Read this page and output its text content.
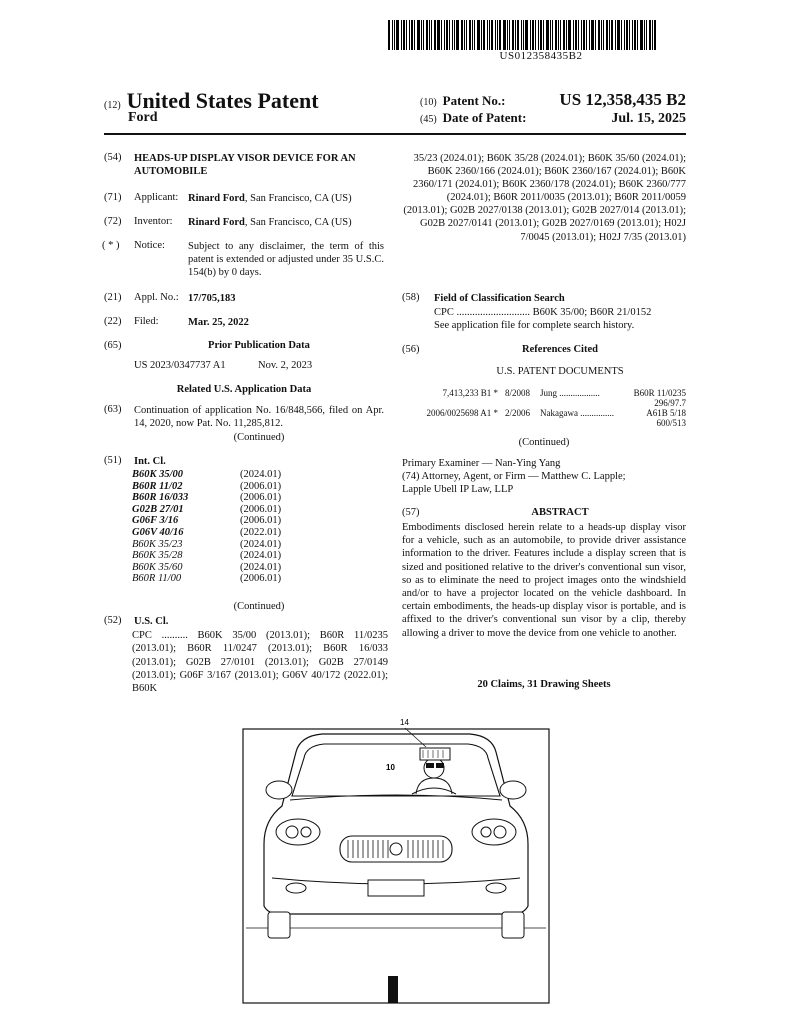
US012358435B2
(12) United States Patent
Ford
(10) Patent No.:	US 12,358,435 B2
(45) Date of Patent:	Jul. 15, 2025
(54) HEADS-UP DISPLAY VISOR DEVICE FOR AN AUTOMOBILE
(71) Applicant: Rinard Ford, San Francisco, CA (US)
(72) Inventor: Rinard Ford, San Francisco, CA (US)
( * ) Notice: Subject to any disclaimer, the term of this patent is extended or adjusted under 35 U.S.C. 154(b) by 0 days.
(21) Appl. No.: 17/705,183
(22) Filed:	Mar. 25, 2022
(65)	Prior Publication Data
US 2023/0347737 A1	Nov. 2, 2023
Related U.S. Application Data
(63) Continuation of application No. 16/848,566, filed on Apr. 14, 2020, now Pat. No. 11,285,812.
(Continued)
(51) Int. Cl.
B60K 35/00	(2024.01)
B60R 11/02	(2006.01)
B60R 16/033	(2006.01)
G02B 27/01	(2006.01)
G06F 3/16	(2006.01)
G06V 40/16	(2022.01)
B60K 35/23	(2024.01)
B60K 35/28	(2024.01)
B60K 35/60	(2024.01)
B60R 11/00	(2006.01)
(Continued)
(52) U.S. Cl.
CPC .......... B60K 35/00 (2013.01); B60R 11/0235 (2013.01); B60R 11/0247 (2013.01); B60R 16/033 (2013.01); G02B 27/0101 (2013.01); G02B 27/0149 (2013.01); G06F 3/167 (2013.01); G06V 40/172 (2022.01); B60K
35/23 (2024.01); B60K 35/28 (2024.01); B60K 35/60 (2024.01); B60K 2360/166 (2024.01); B60K 2360/167 (2024.01); B60K 2360/171 (2024.01); B60K 2360/178 (2024.01); B60K 2360/777 (2024.01); B60R 2011/0035 (2013.01); B60R 2011/0059 (2013.01); G02B 2027/0138 (2013.01); G02B 2027/014 (2013.01); G02B 2027/0141 (2013.01); G02B 2027/0169 (2013.01); H02J 7/0045 (2013.01); H02J 7/35 (2013.01)
(58) Field of Classification Search
CPC ............................ B60K 35/00; B60R 21/0152
See application file for complete search history.
(56)	References Cited
U.S. PATENT DOCUMENTS
7,413,233 B1 * 8/2008 Jung ..................	B60R 11/0235
296/97.7
2006/0025698 A1 * 2/2006 Nakagawa ...............	A61B 5/18
600/513
(Continued)
Primary Examiner — Nan-Ying Yang
(74) Attorney, Agent, or Firm — Matthew C. Lapple;
Lapple Ubell IP Law, LLP
(57)	ABSTRACT
Embodiments disclosed herein relate to a heads-up display visor for a vehicle, such as an automobile, to provide driver assistance information to the driver. Features include a display screen that is sized and positioned relative to the driver's conventional sun visor, so as to eliminate the need to project images onto the windshield and/or to have a projector located on the vehicle dashboard. In certain embodiments, the heads-up display visor is portable, and is affixed to the driver's conventional sun visor by a clip, thereby allowing a driver to move the device from one vehicle to another.
20 Claims, 31 Drawing Sheets
14
10
